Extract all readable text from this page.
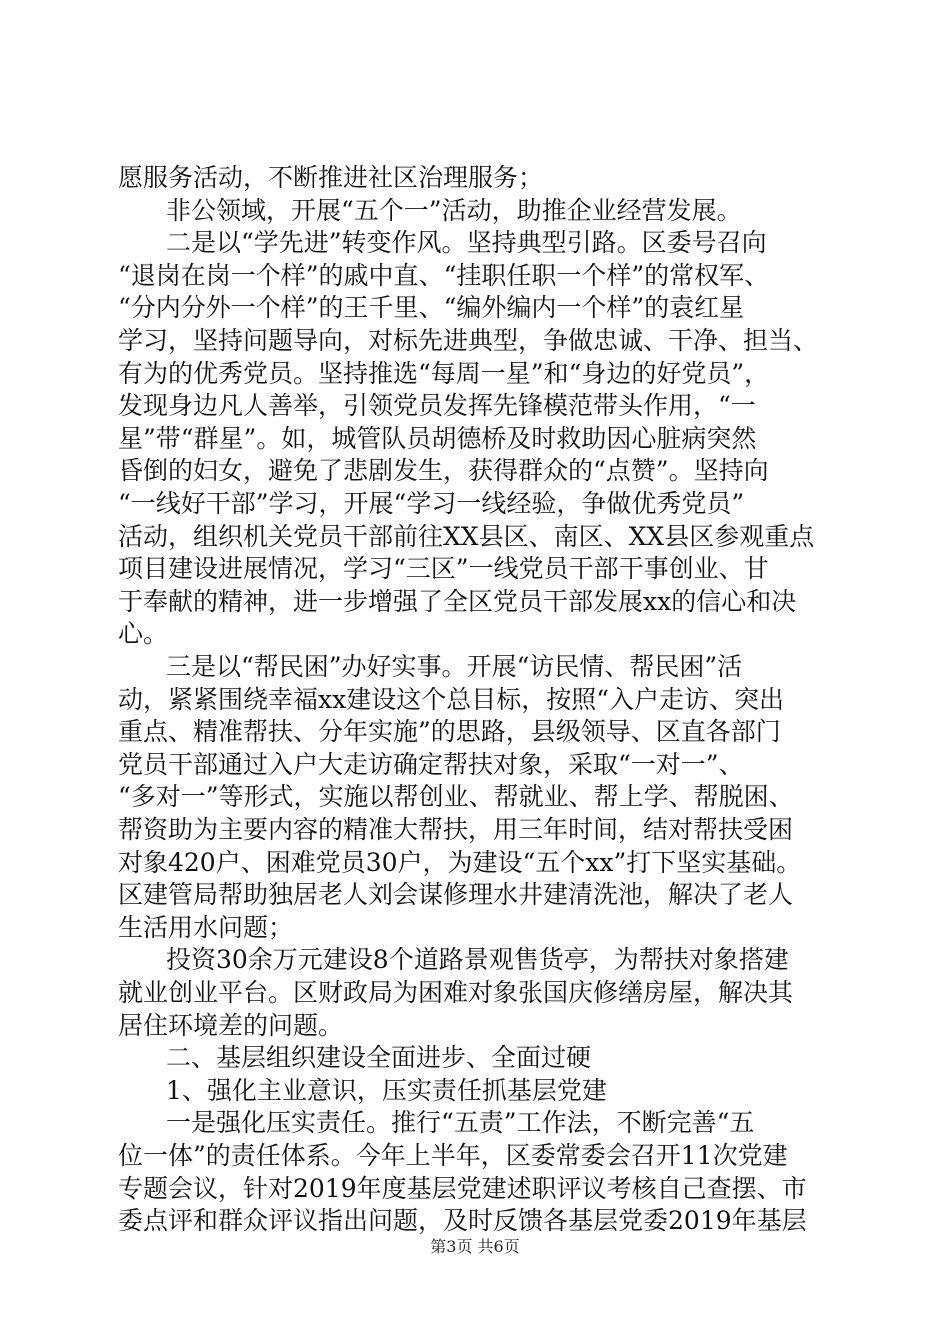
愿服务活动，不断推进社区治理服务；
非公领域，开展“五个一”活动，助推企业经营发展。
二是以“学先进”转变作风。坚持典型引路。区委号召向
“退岗在岗一个样”的戚中直、“挂职任职一个样”的常权军、
“分内分外一个样”的王千里、“编外编内一个样”的袁红星
学习，坚持问题导向，对标先进典型，争做忠诚、干净、担当、
有为的优秀党员。坚持推选“每周一星”和“身边的好党员”，
发现身边凡人善举，引领党员发挥先锋模范带头作用，“一
星”带“群星”。如，城管队员胡德桥及时救助因心脏病突然
昏倒的妇女，避免了悲剧发生，获得群众的“点赞”。坚持向
“一线好干部”学习，开展“学习一线经验，争做优秀党员”
活动，组织机关党员干部前往XX县区、南区、XX县区参观重点
项目建设进展情况，学习“三区”一线党员干部干事创业、甘
于奉献的精神，进一步增强了全区党员干部发展xx的信心和决
心。
三是以“帮民困”办好实事。开展“访民情、帮民困”活
动，紧紧围绕幸福xx建设这个总目标，按照“入户走访、突出
重点、精准帮扶、分年实施”的思路，县级领导、区直各部门
党员干部通过入户大走访确定帮扶对象，采取“一对一”、
“多对一”等形式，实施以帮创业、帮就业、帮上学、帮脱困、
帮资助为主要内容的精准大帮扶，用三年时间，结对帮扶受困
对象420户、困难党员30户，为建设“五个xx”打下坚实基础。
区建管局帮助独居老人刘会谋修理水井建清洗池，解决了老人
生活用水问题；
投资30余万元建设8个道路景观售货亭，为帮扶对象搭建
就业创业平台。区财政局为困难对象张国庆修缮房屋，解决其
居住环境差的问题。
二、基层组织建设全面进步、全面过硬
1、强化主业意识，压实责任抓基层党建
一是强化压实责任。推行“五责”工作法，不断完善“五
位一体”的责任体系。今年上半年，区委常委会召开11次党建
专题会议，针对2019年度基层党建述职评议考核自己查摆、市
委点评和群众评议指出问题，及时反馈各基层党委2019年基层
第3页 共6页
